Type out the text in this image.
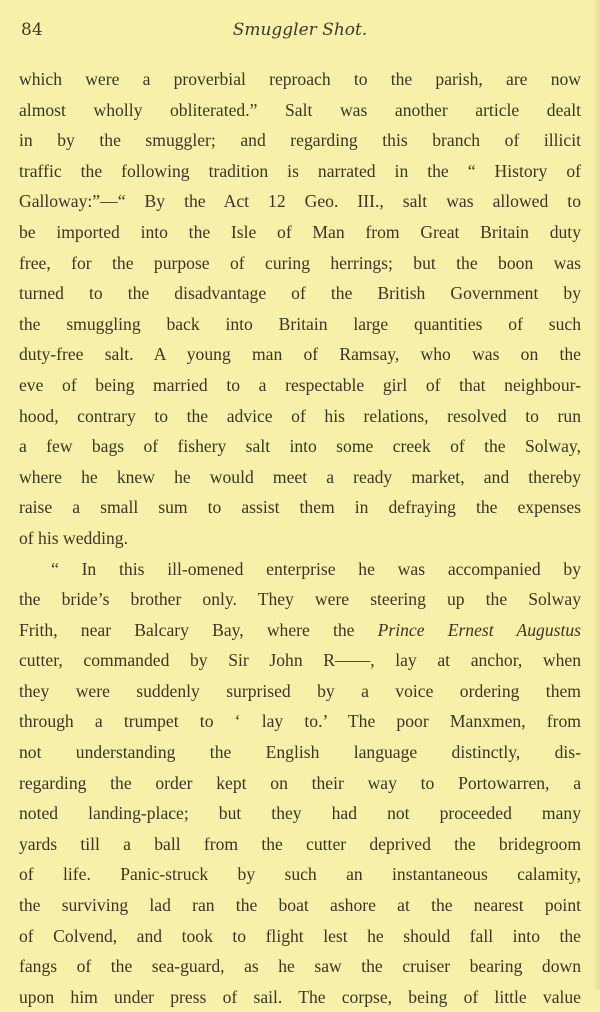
84	Smuggler Shot.
which were a proverbial reproach to the parish, are now
almost wholly obliterated.” Salt was another article dealt
in by the smuggler; and regarding this branch of illicit
traffic the following tradition is narrated in the “ History of
Galloway:”—“ By the Act 12 Geo. III., salt was allowed to
be imported into the Isle of Man from Great Britain duty
free, for the purpose of curing herrings; but the boon was
turned to the disadvantage of the British Government by
the smuggling back into Britain large quantities of such
duty-free salt. A young man of Ramsay, who was on the
eve of being married to a respectable girl of that neighbour-
hood, contrary to the advice of his relations, resolved to run
a few bags of fishery salt into some creek of the Solway,
where he knew he would meet a ready market, and thereby
raise a small sum to assist them in defraying the expenses
of his wedding.
“ In this ill-omened enterprise he was accompanied by
the bride’s brother only. They were steering up the Solway
Frith, near Balcary Bay, where the Prince Ernest Augustus
cutter, commanded by Sir John R——, lay at anchor, when
they were suddenly surprised by a voice ordering them
through a trumpet to ‘ lay to.’ The poor Manxmen, from
not understanding the English language distinctly, dis-
regarding the order kept on their way to Portowarren, a
noted landing-place; but they had not proceeded many
yards till a ball from the cutter deprived the bridegroom
of life. Panic-struck by such an instantaneous calamity,
the surviving lad ran the boat ashore at the nearest point
of Colvend, and took to flight lest he should fall into the
fangs of the sea-guard, as he saw the cruiser bearing down
upon him under press of sail. The corpse, being of little value
